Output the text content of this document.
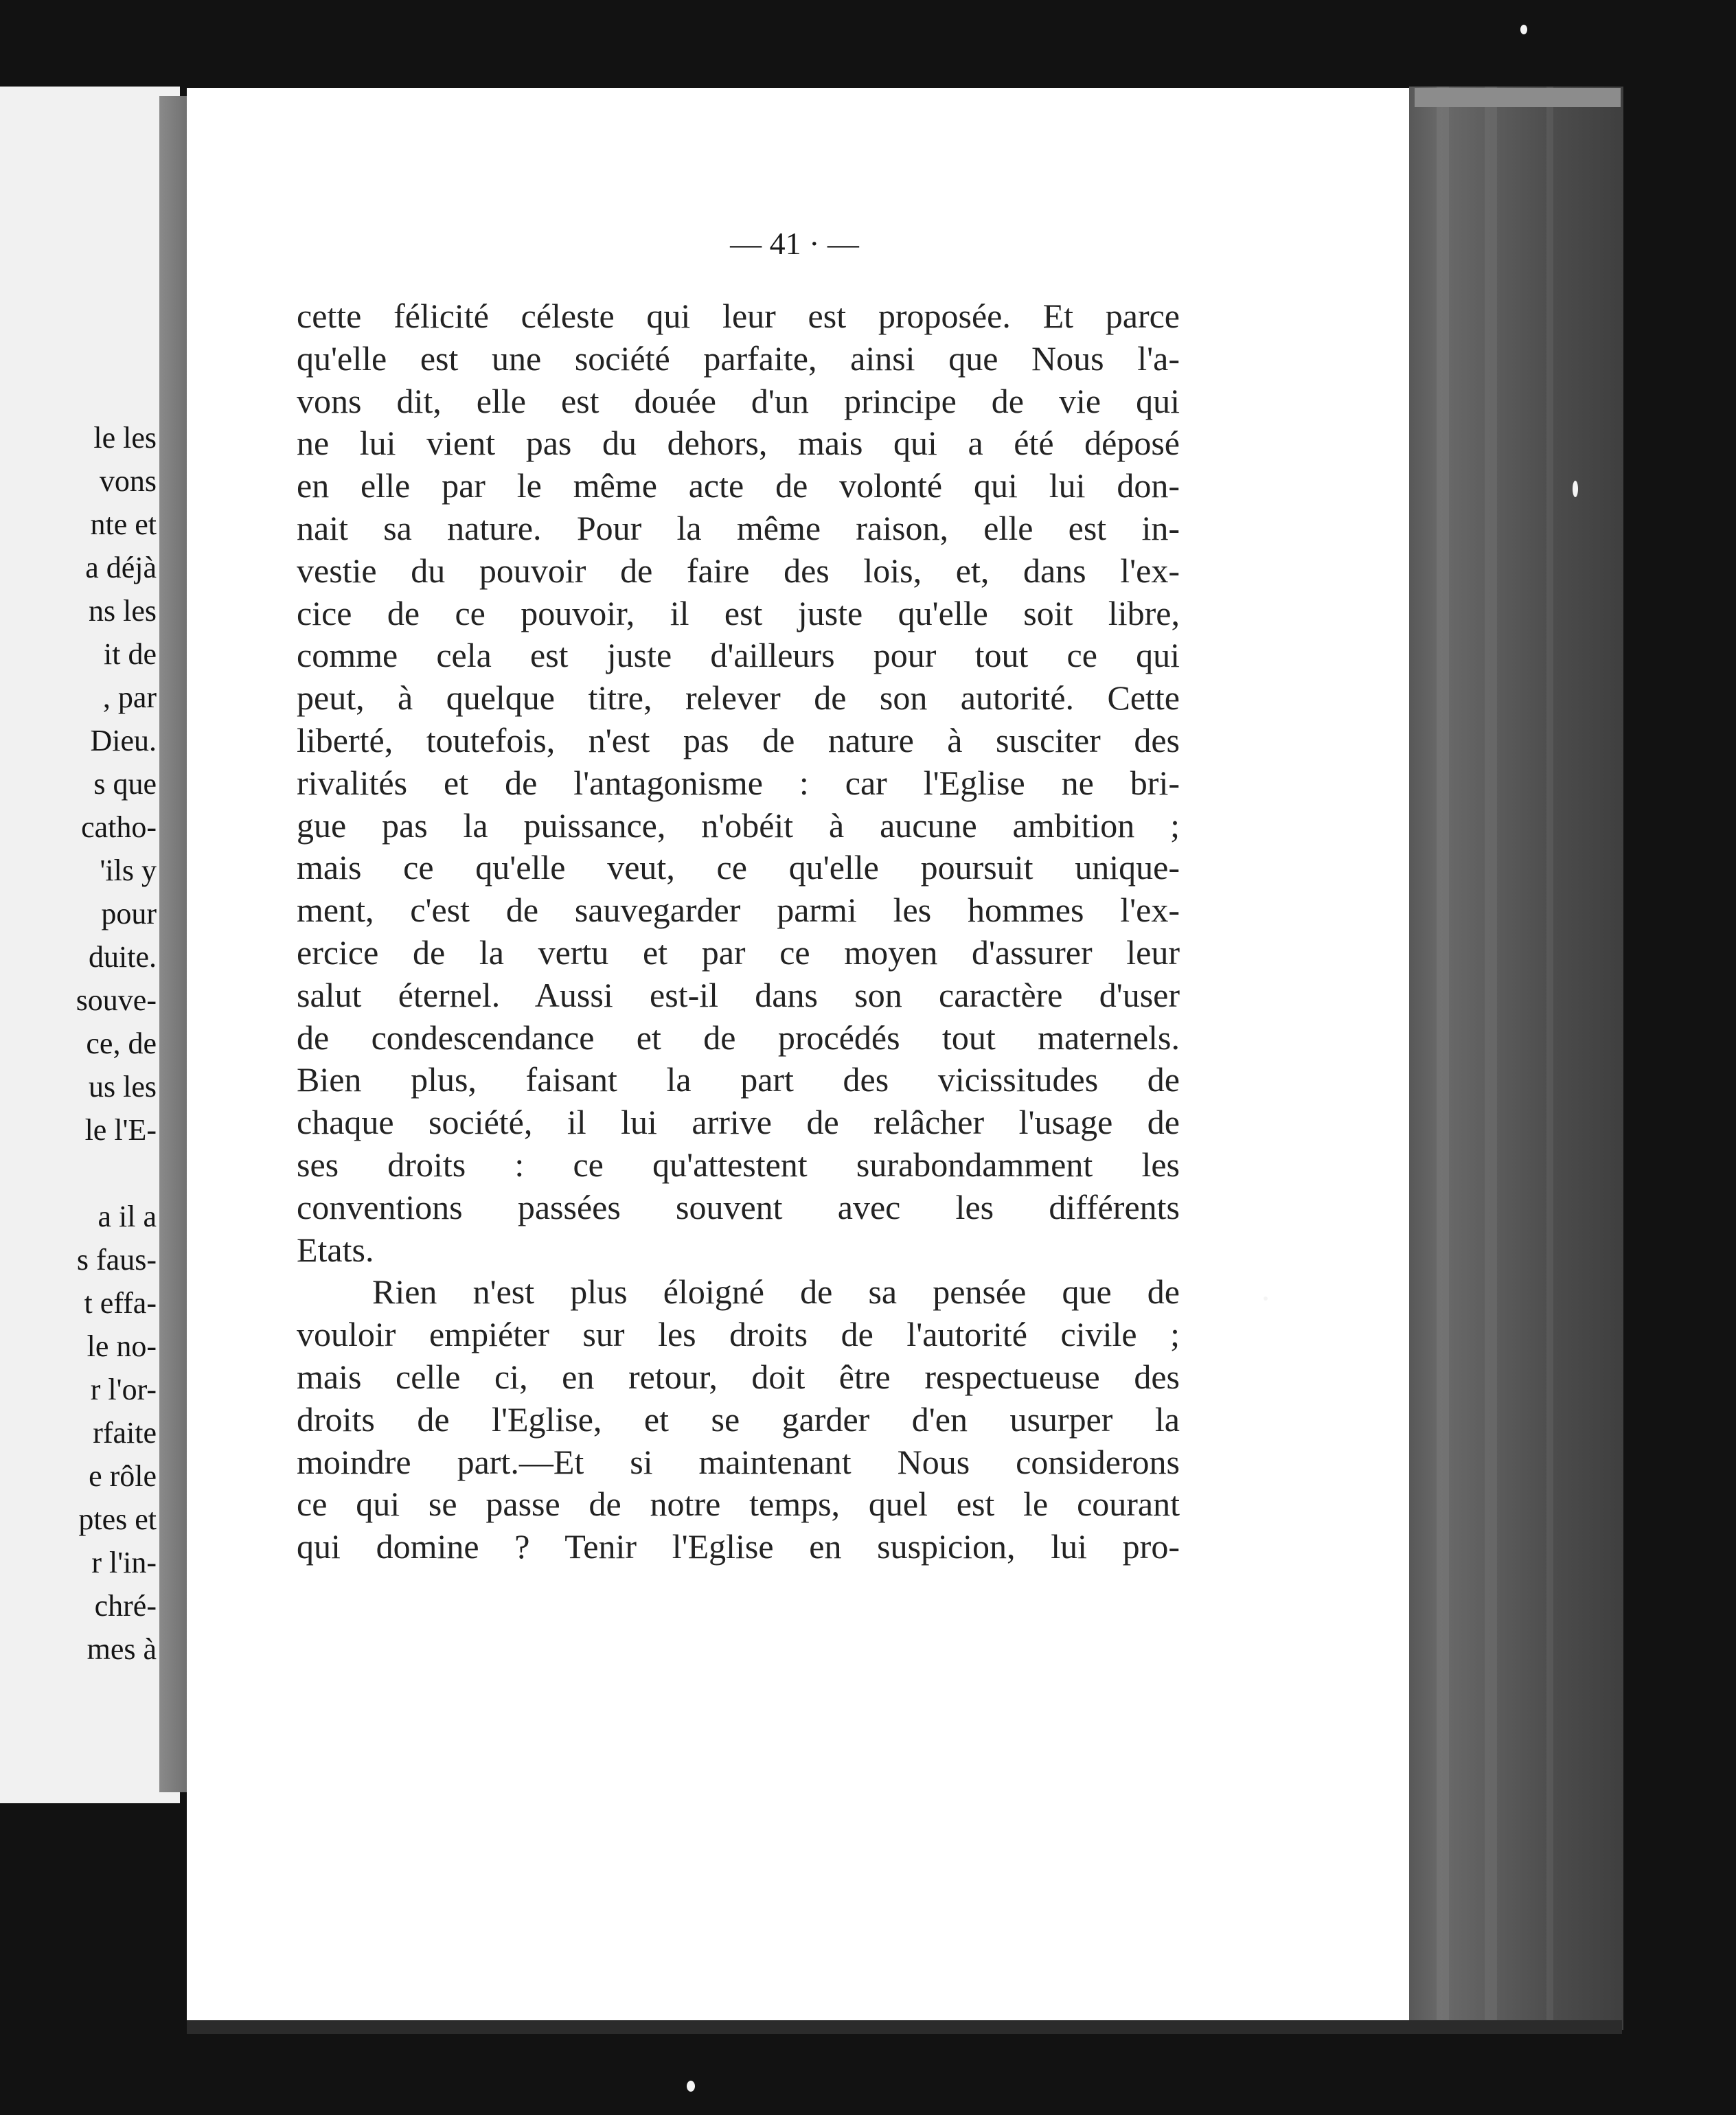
le les
vons
nte et
a déjà
ns les
it de
, par
Dieu.
s que
catho-
'ils y
pour
duite.
souve-
ce, de
us les
le l'E-
a il a
s faus-
t effa-
le no-
r l'or-
rfaite
e rôle
ptes et
r l'in-
chré-
mes à
— 41 · —
cette félicité céleste qui leur est proposée. Et parce
qu'elle est une société parfaite, ainsi que Nous l'a-
vons dit, elle est douée d'un principe de vie qui
ne lui vient pas du dehors, mais qui a été déposé
en elle par le même acte de volonté qui lui don-
nait sa nature. Pour la même raison, elle est in-
vestie du pouvoir de faire des lois, et, dans l'ex-
cice de ce pouvoir, il est juste qu'elle soit libre,
comme cela est juste d'ailleurs pour tout ce qui
peut, à quelque titre, relever de son autorité. Cette
liberté, toutefois, n'est pas de nature à susciter des
rivalités et de l'antagonisme : car l'Eglise ne bri-
gue pas la puissance, n'obéit à aucune ambition ;
mais ce qu'elle veut, ce qu'elle poursuit unique-
ment, c'est de sauvegarder parmi les hommes l'ex-
ercice de la vertu et par ce moyen d'assurer leur
salut éternel. Aussi est-il dans son caractère d'user
de condescendance et de procédés tout maternels.
Bien plus, faisant la part des vicissitudes de
chaque société, il lui arrive de relâcher l'usage de
ses droits : ce qu'attestent surabondamment les
conventions passées souvent avec les différents
Etats.
Rien n'est plus éloigné de sa pensée que de
vouloir empiéter sur les droits de l'autorité civile ;
mais celle ci, en retour, doit être respectueuse des
droits de l'Eglise, et se garder d'en usurper la
moindre part.—Et si maintenant Nous considerons
ce qui se passe de notre temps, quel est le courant
qui domine ? Tenir l'Eglise en suspicion, lui pro-
